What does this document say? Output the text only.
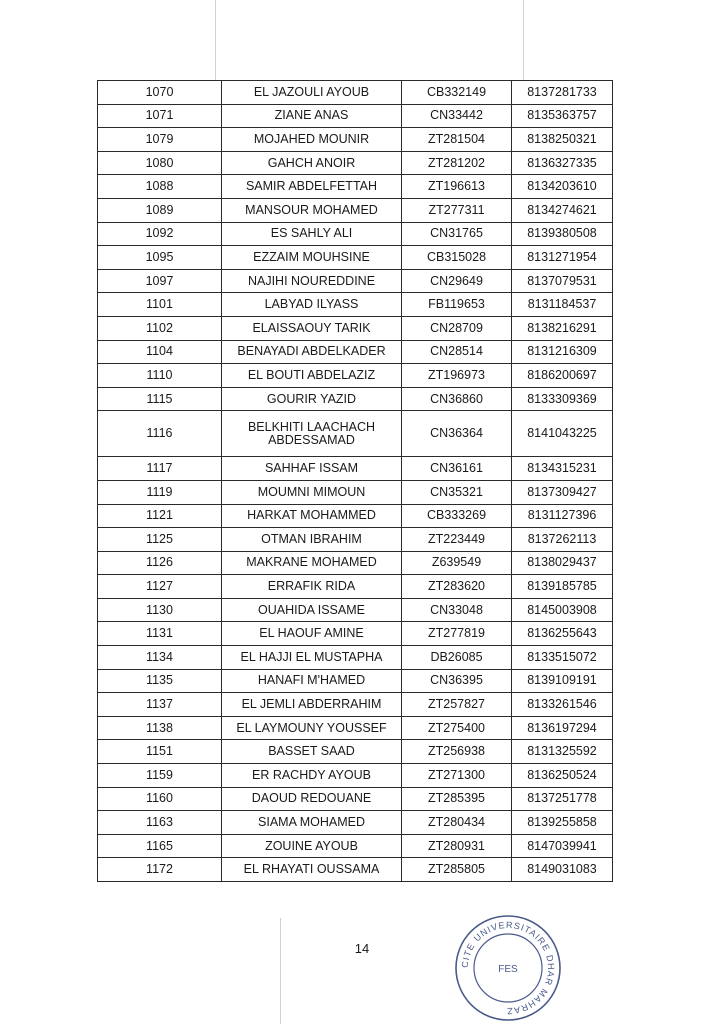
1070	EL JAZOULI AYOUB	CB332149	8137281733
1071	ZIANE ANAS	CN33442	8135363757
1079	MOJAHED MOUNIR	ZT281504	8138250321
1080	GAHCH ANOIR	ZT281202	8136327335
1088	SAMIR ABDELFETTAH	ZT196613	8134203610
1089	MANSOUR MOHAMED	ZT277311	8134274621
1092	ES SAHLY ALI	CN31765	8139380508
1095	EZZAIM MOUHSINE	CB315028	8131271954
1097	NAJIHI NOUREDDINE	CN29649	8137079531
1101	LABYAD ILYASS	FB119653	8131184537
1102	ELAISSAOUY TARIK	CN28709	8138216291
1104	BENAYADI ABDELKADER	CN28514	8131216309
1110	EL BOUTI ABDELAZIZ	ZT196973	8186200697
1115	GOURIR YAZID	CN36860	8133309369
1116	BELKHITI LAACHACH ABDESSAMAD	CN36364	8141043225
1117	SAHHAF ISSAM	CN36161	8134315231
1119	MOUMNI MIMOUN	CN35321	8137309427
1121	HARKAT MOHAMMED	CB333269	8131127396
1125	OTMAN IBRAHIM	ZT223449	8137262113
1126	MAKRANE MOHAMED	Z639549	8138029437
1127	ERRAFIK RIDA	ZT283620	8139185785
1130	OUAHIDA ISSAME	CN33048	8145003908
1131	EL HAOUF AMINE	ZT277819	8136255643
1134	EL HAJJI EL MUSTAPHA	DB26085	8133515072
1135	HANAFI M'HAMED	CN36395	8139109191
1137	EL JEMLI ABDERRAHIM	ZT257827	8133261546
1138	EL LAYMOUNY YOUSSEF	ZT275400	8136197294
1151	BASSET SAAD	ZT256938	8131325592
1159	ER RACHDY AYOUB	ZT271300	8136250524
1160	DAOUD REDOUANE	ZT285395	8137251778
1163	SIAMA MOHAMED	ZT280434	8139255858
1165	ZOUINE AYOUB	ZT280931	8147039941
1172	EL RHAYATI OUSSAMA	ZT285805	8149031083
14
CITE UNIVERSITAIRE DHAR MAHRAZ
FES
